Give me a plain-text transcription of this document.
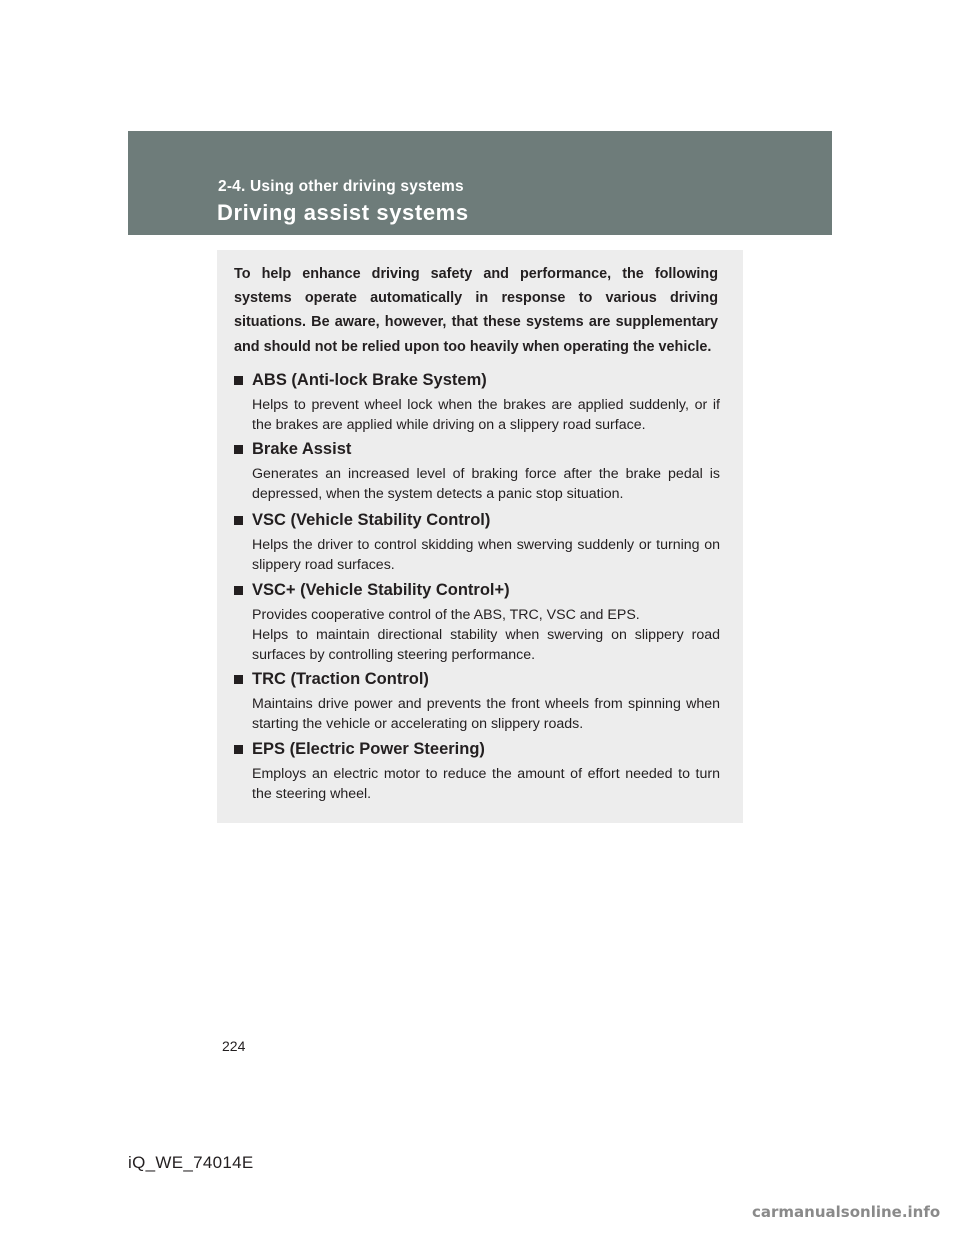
2-4. Using other driving systems
Driving assist systems
To help enhance driving safety and performance, the following systems operate automatically in response to various driving situations. Be aware, however, that these systems are supplementary and should not be relied upon too heavily when operating the vehicle.
ABS (Anti-lock Brake System)
Helps to prevent wheel lock when the brakes are applied suddenly, or if the brakes are applied while driving on a slippery road surface.
Brake Assist
Generates an increased level of braking force after the brake pedal is depressed, when the system detects a panic stop situation.
VSC (Vehicle Stability Control)
Helps the driver to control skidding when swerving suddenly or turning on slippery road surfaces.
VSC+ (Vehicle Stability Control+)
Provides cooperative control of the ABS, TRC, VSC and EPS.
Helps to maintain directional stability when swerving on slippery road surfaces by controlling steering performance.
TRC (Traction Control)
Maintains drive power and prevents the front wheels from spinning when starting the vehicle or accelerating on slippery roads.
EPS (Electric Power Steering)
Employs an electric motor to reduce the amount of effort needed to turn the steering wheel.
224
iQ_WE_74014E
carmanualsonline.info
